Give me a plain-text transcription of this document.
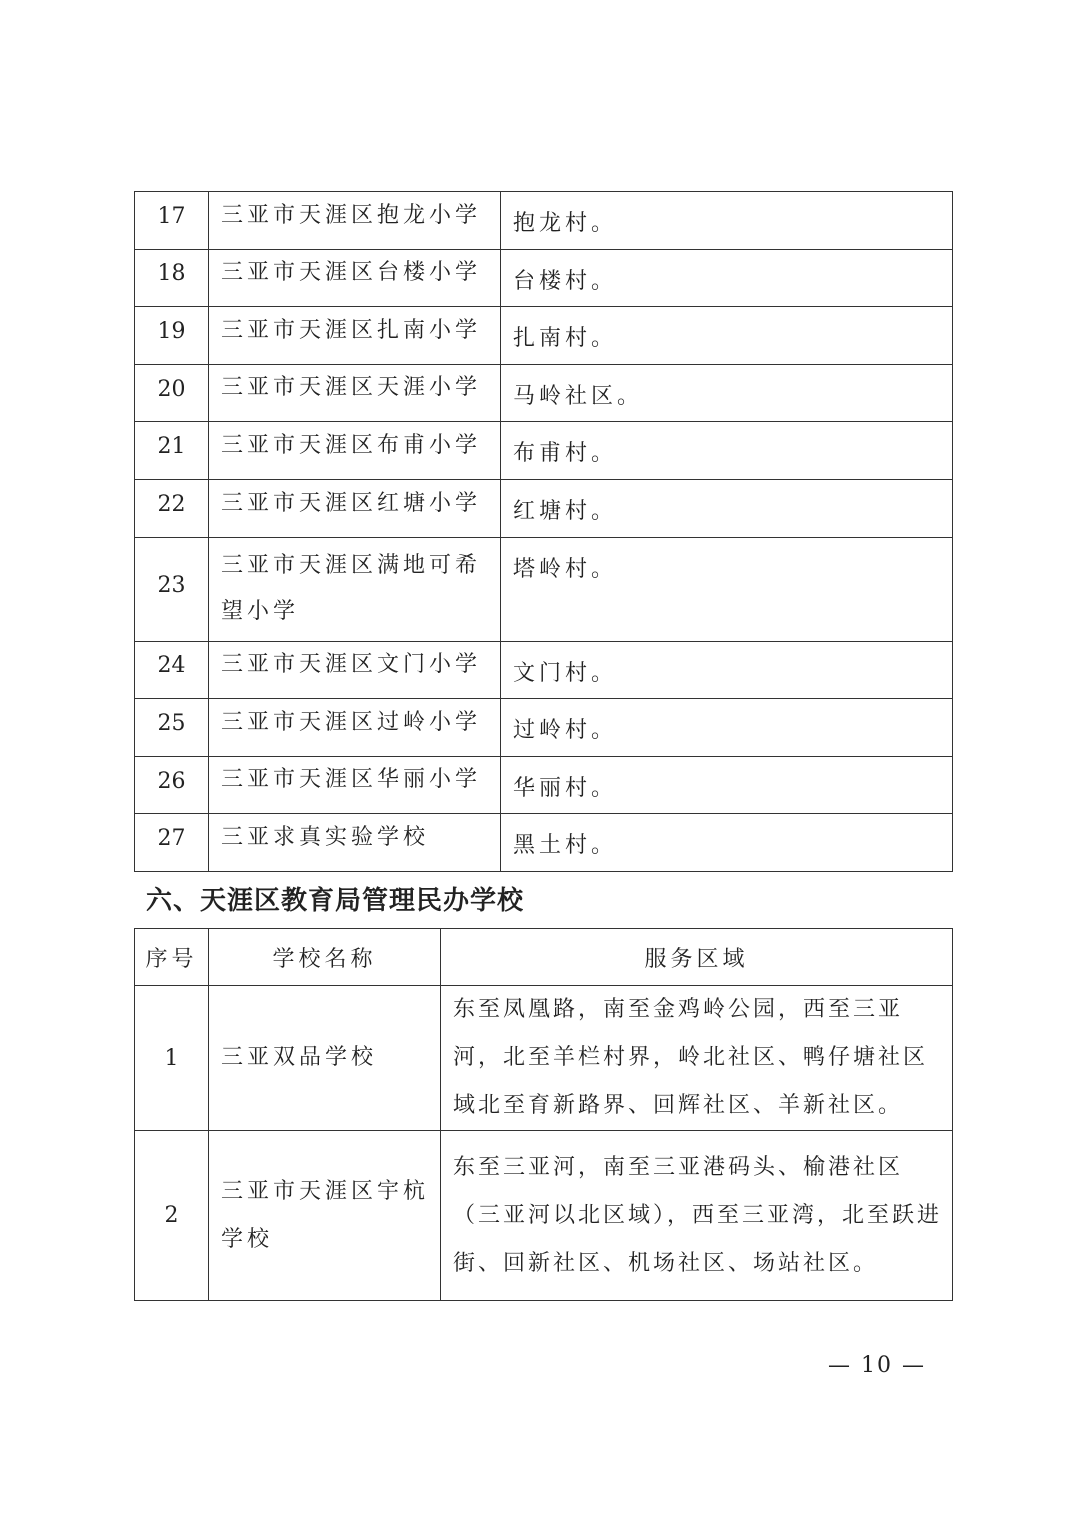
17	三亚市天涯区抱龙小学	抱龙村。
18	三亚市天涯区台楼小学	台楼村。
19	三亚市天涯区扎南小学	扎南村。
20	三亚市天涯区天涯小学	马岭社区。
21	三亚市天涯区布甫小学	布甫村。
22	三亚市天涯区红塘小学	红塘村。
23	三亚市天涯区满地可希望小学	塔岭村。
24	三亚市天涯区文门小学	文门村。
25	三亚市天涯区过岭小学	过岭村。
26	三亚市天涯区华丽小学	华丽村。
27	三亚求真实验学校	黑土村。
六、天涯区教育局管理民办学校
序号	学校名称	服务区域
1	三亚双品学校	东至凤凰路，南至金鸡岭公园，西至三亚河，北至羊栏村界，岭北社区、鸭仔塘社区域北至育新路界、回辉社区、羊新社区。
2	三亚市天涯区宇杭学校	东至三亚河，南至三亚港码头、榆港社区（三亚河以北区域），西至三亚湾，北至跃进街、回新社区、机场社区、场站社区。
— 10 —
